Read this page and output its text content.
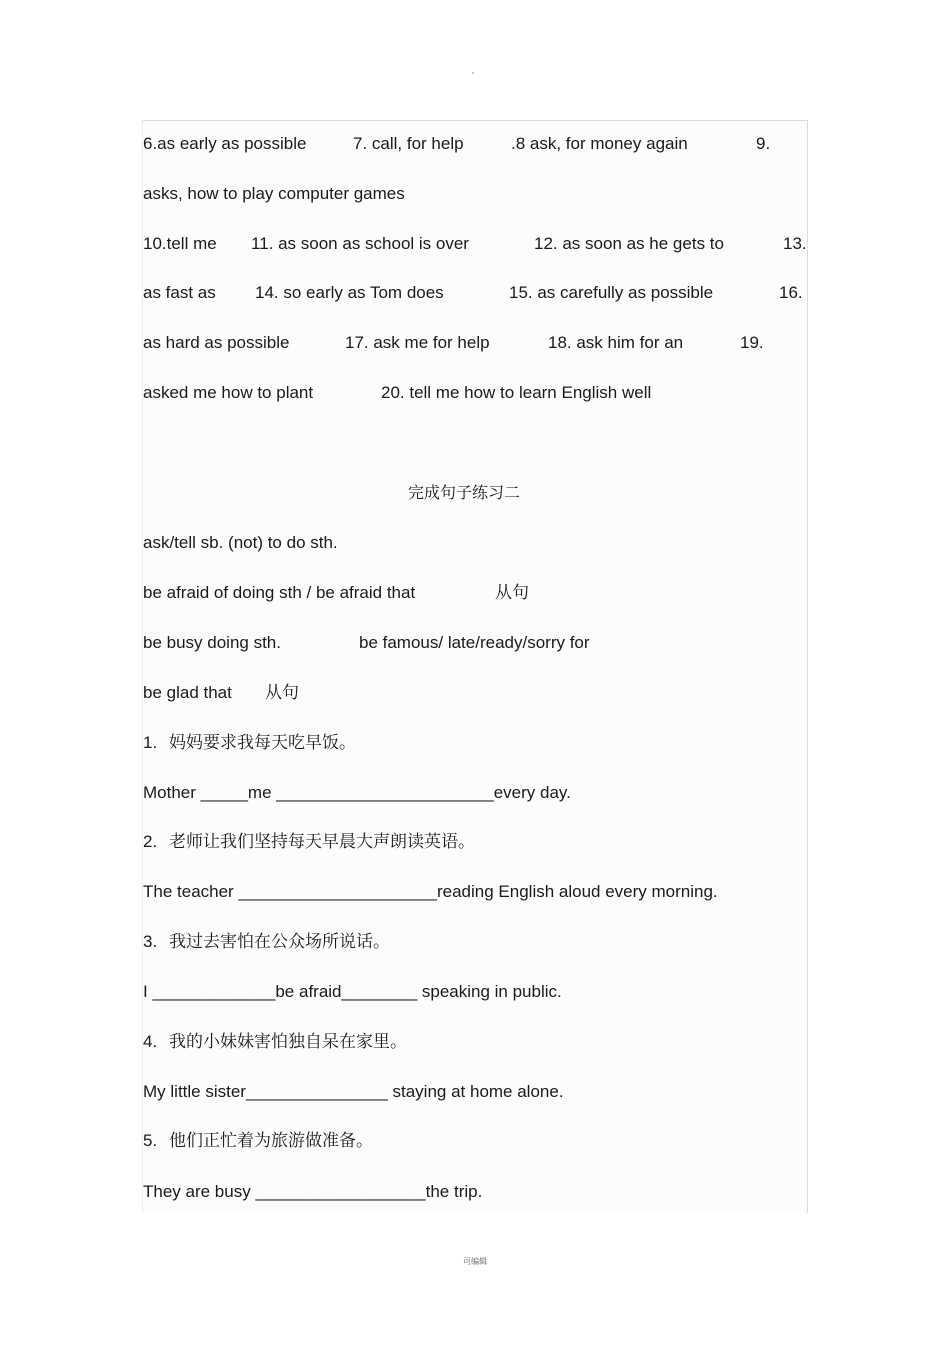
6.as early as possible	7. call, for help	.8 ask, for money again	9.
asks, how to play computer games
10.tell me 11. as soon as school is over	12. as soon as he gets to	13.
as fast as 14. so early as Tom does	15. as carefully as possible	16.
as hard as possible	17. ask me for help	18. ask him for an	19.
asked me how to plant	20. tell me how to learn English well
完成句子练习二
ask/tell sb. (not) to do sth.
be afraid of doing sth / be afraid that	从句
be busy doing sth.	be famous/ late/ready/sorry for
be glad that 从句
1. 妈妈要求我每天吃早饭。
Mother _____me _______________________every day.
2. 老师让我们坚持每天早晨大声朗读英语。
The teacher _____________________reading English aloud every morning.
3. 我过去害怕在公众场所说话。
I _____________be afraid________ speaking in public.
4. 我的小妹妹害怕独自呆在家里。
My little sister_______________ staying at home alone.
5. 他们正忙着为旅游做准备。
They are busy __________________the trip.
可编辑
